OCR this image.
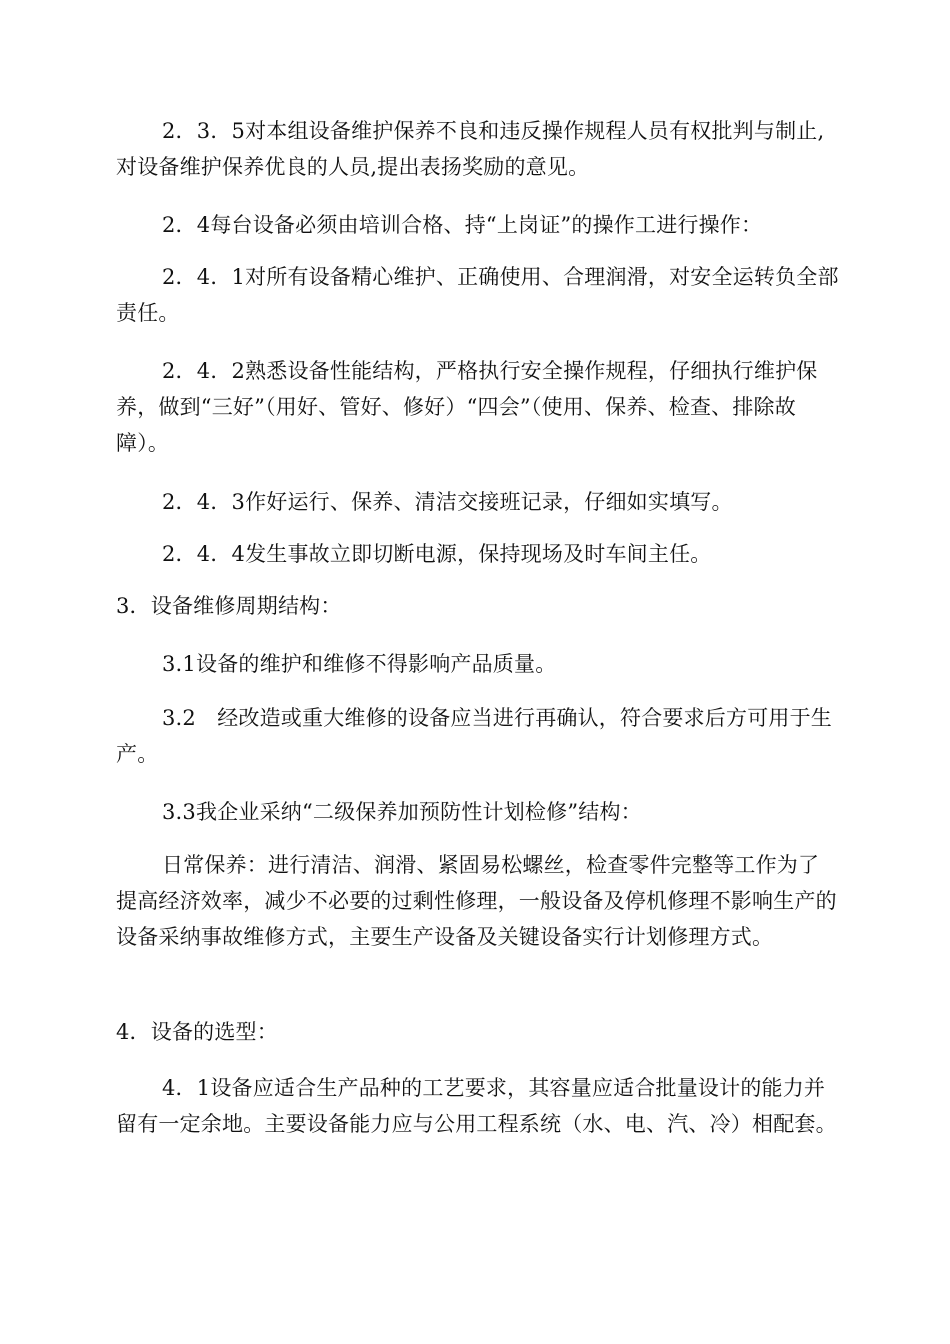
2．3．5对本组设备维护保养不良和违反操作规程人员有权批判与制止,对设备维护保养优良的人员,提出表扬奖励的意见。

2．4每台设备必须由培训合格、持“上岗证”的操作工进行操作：

2．4．1对所有设备精心维护、正确使用、合理润滑，对安全运转负全部责任。

2．4．2熟悉设备性能结构，严格执行安全操作规程，仔细执行维护保养，做到“三好”（用好、管好、修好）“四会”（使用、保养、检查、排除故障）。

2．4．3作好运行、保养、清洁交接班记录，仔细如实填写。

2．4．4发生事故立即切断电源，保持现场及时车间主任。

3．设备维修周期结构：

3.1设备的维护和维修不得影响产品质量。

3.2　经改造或重大维修的设备应当进行再确认，符合要求后方可用于生产。

3.3我企业采纳“二级保养加预防性计划检修”结构：

日常保养：进行清洁、润滑、紧固易松螺丝，检查零件完整等工作为了提高经济效率，减少不必要的过剩性修理，一般设备及停机修理不影响生产的设备采纳事故维修方式，主要生产设备及关键设备实行计划修理方式。

4．设备的选型：

4．1设备应适合生产品种的工艺要求，其容量应适合批量设计的能力并留有一定余地。主要设备能力应与公用工程系统（水、电、汽、冷）相配套。
